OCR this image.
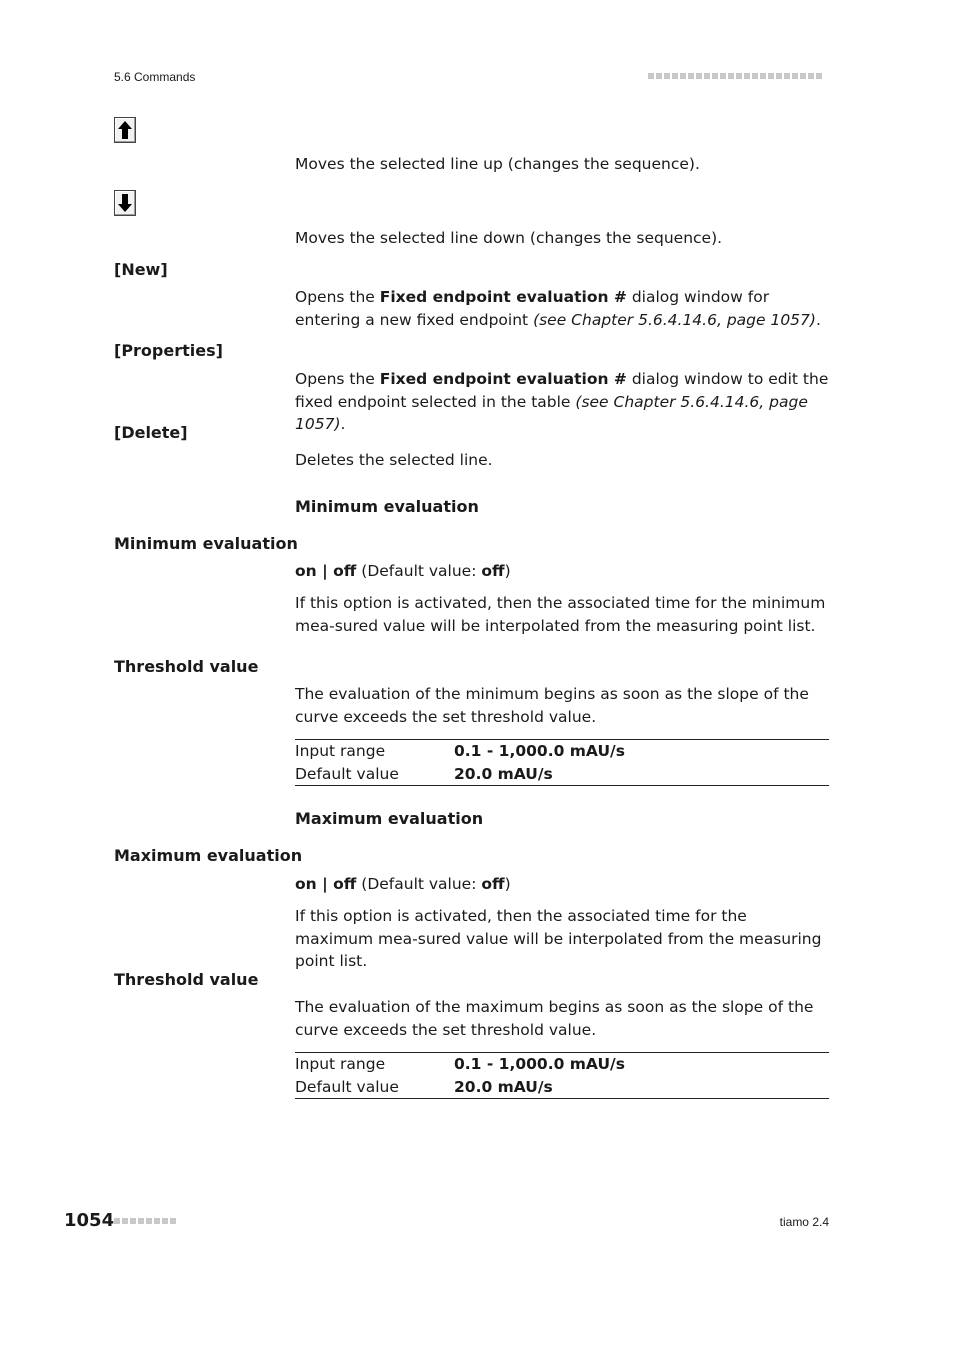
5.6 Commands
Moves the selected line up (changes the sequence).
Moves the selected line down (changes the sequence).
[New]
Opens the Fixed endpoint evaluation # dialog window for entering a new fixed endpoint (see Chapter 5.6.4.14.6, page 1057).
[Properties]
Opens the Fixed endpoint evaluation # dialog window to edit the fixed endpoint selected in the table (see Chapter 5.6.4.14.6, page 1057).
[Delete]
Deletes the selected line.
Minimum evaluation
Minimum evaluation
on | off (Default value: off)
If this option is activated, then the associated time for the minimum mea-sured value will be interpolated from the measuring point list.
Threshold value
The evaluation of the minimum begins as soon as the slope of the curve exceeds the set threshold value.
Input range	0.1 - 1,000.0 mAU/s
Default value	20.0 mAU/s
Maximum evaluation
Maximum evaluation
on | off (Default value: off)
If this option is activated, then the associated time for the maximum mea-sured value will be interpolated from the measuring point list.
Threshold value
The evaluation of the maximum begins as soon as the slope of the curve exceeds the set threshold value.
Input range	0.1 - 1,000.0 mAU/s
Default value	20.0 mAU/s
1054	tiamo 2.4
